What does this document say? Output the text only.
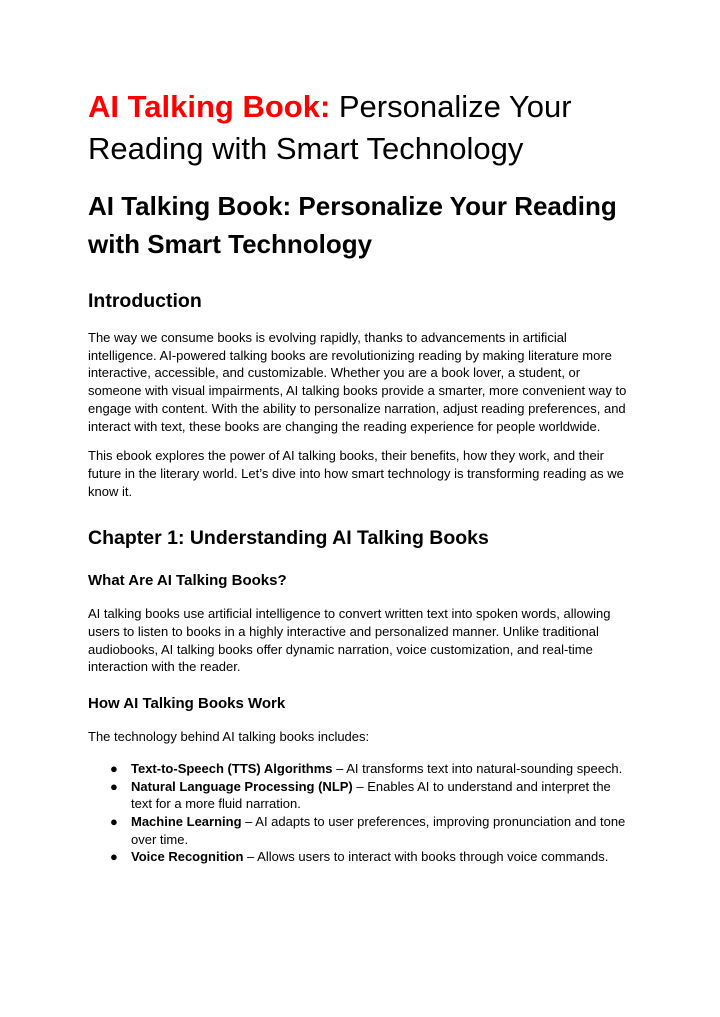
AI Talking Book: Personalize Your Reading with Smart Technology
AI Talking Book: Personalize Your Reading with Smart Technology
Introduction

The way we consume books is evolving rapidly, thanks to advancements in artificial intelligence. AI-powered talking books are revolutionizing reading by making literature more interactive, accessible, and customizable. Whether you are a book lover, a student, or someone with visual impairments, AI talking books provide a smarter, more convenient way to engage with content. With the ability to personalize narration, adjust reading preferences, and interact with text, these books are changing the reading experience for people worldwide.

This ebook explores the power of AI talking books, their benefits, how they work, and their future in the literary world. Let’s dive into how smart technology is transforming reading as we know it.

Chapter 1: Understanding AI Talking Books
What Are AI Talking Books?

AI talking books use artificial intelligence to convert written text into spoken words, allowing users to listen to books in a highly interactive and personalized manner. Unlike traditional audiobooks, AI talking books offer dynamic narration, voice customization, and real-time interaction with the reader.

How AI Talking Books Work

The technology behind AI talking books includes:

● Text-to-Speech (TTS) Algorithms – AI transforms text into natural-sounding speech.
● Natural Language Processing (NLP) – Enables AI to understand and interpret the text for a more fluid narration.
● Machine Learning – AI adapts to user preferences, improving pronunciation and tone over time.
● Voice Recognition – Allows users to interact with books through voice commands.
